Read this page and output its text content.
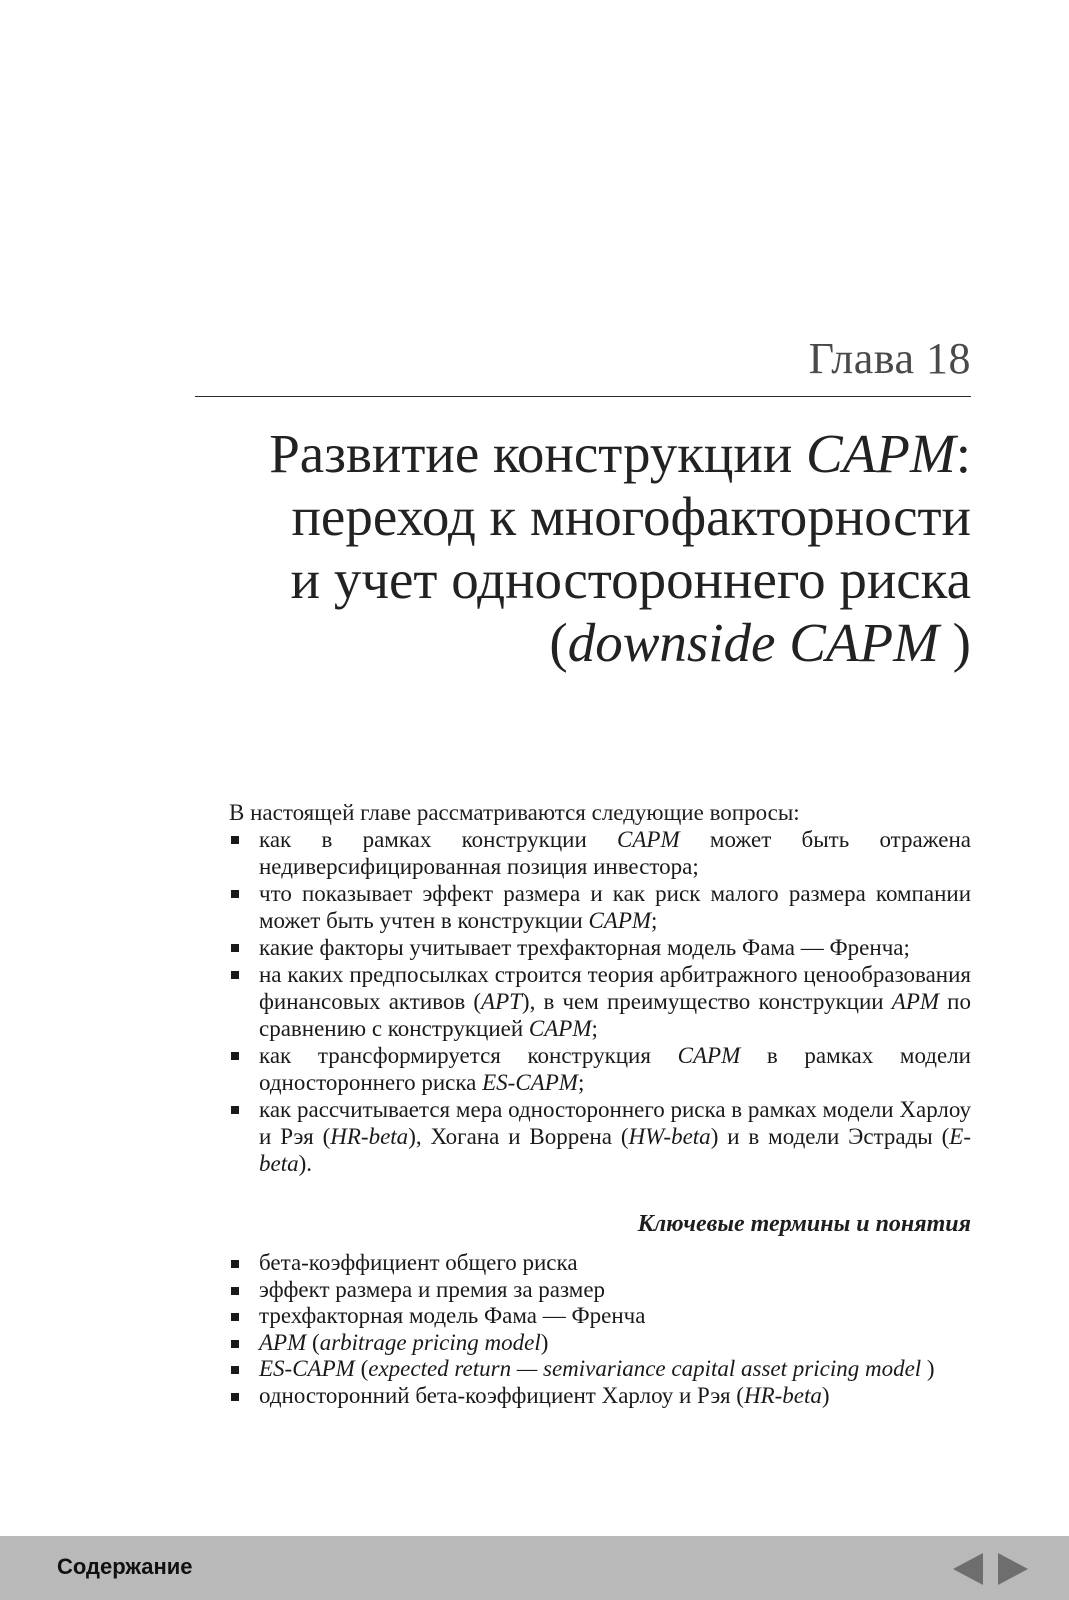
Глава 18
Развитие конструкции CAPM:
переход к многофакторности
и учет одностороннего риска
(downside CAPM )
В настоящей главе рассматриваются следующие вопросы:
как в рамках конструкции CAPM может быть отражена недиверсифицированная позиция инвестора;
что показывает эффект размера и как риск малого размера компании может быть учтен в конструкции CAPM;
какие факторы учитывает трехфакторная модель Фама — Френча;
на каких предпосылках строится теория арбитражного ценообразования финансовых активов (APT), в чем преимущество конструкции APM по сравнению с конструкцией CAPM;
как трансформируется конструкция CAPM в рамках модели одностороннего риска ES-CAPM;
как рассчитывается мера одностороннего риска в рамках модели Харлоу и Рэя (HR-beta), Хогана и Воррена (HW-beta) и в модели Эстрады (E-beta).
Ключевые термины и понятия
бета-коэффициент общего риска
эффект размера и премия за размер
трехфакторная модель Фама — Френча
APM (arbitrage pricing model)
ES-CAPM (expected return — semivariance capital asset pricing model )
односторонний бета-коэффициент Харлоу и Рэя (HR-beta)
Содержание
